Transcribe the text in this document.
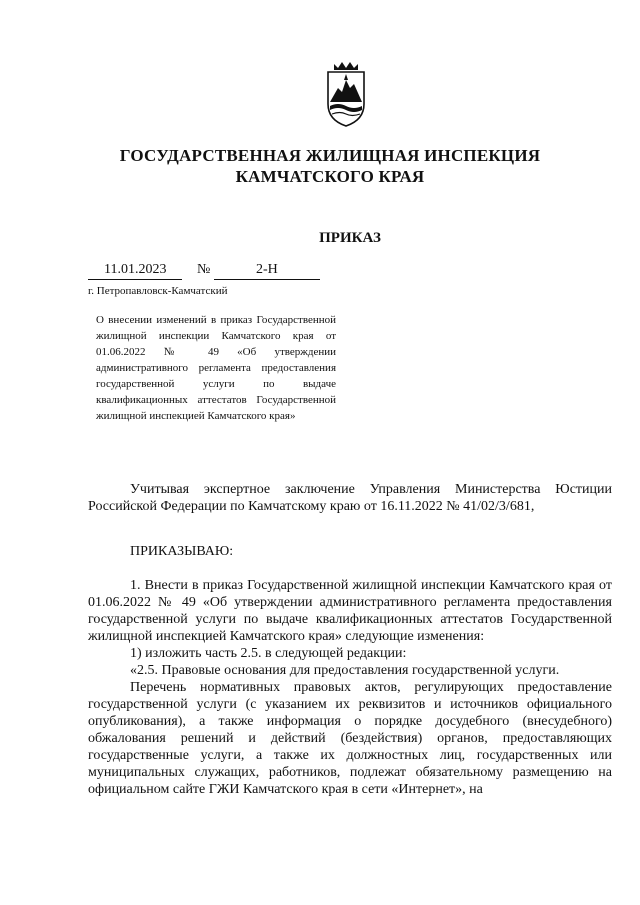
ГОСУДАРСТВЕННАЯ ЖИЛИЩНАЯ ИНСПЕКЦИЯ
КАМЧАТСКОГО КРАЯ
ПРИКАЗ
11.01.2023 №	2-Н
г. Петропавловск-Камчатский
О внесении изменений в приказ Государственной жилищной инспекции Камчатского края от 01.06.2022 № 49 «Об утверждении административного регламента предоставления государственной услуги по выдаче квалификационных аттестатов Государственной жилищной инспекцией Камчатского края»

Учитывая экспертное заключение Управления Министерства Юстиции Российской Федерации по Камчатскому краю от 16.11.2022 № 41/02/3/681,

ПРИКАЗЫВАЮ:

1. Внести в приказ Государственной жилищной инспекции Камчатского края от 01.06.2022 № 49 «Об утверждении административного регламента предоставления государственной услуги по выдаче квалификационных аттестатов Государственной жилищной инспекцией Камчатского края» следующие изменения:

1) изложить часть 2.5. в следующей редакции:

«2.5. Правовые основания для предоставления государственной услуги.

Перечень нормативных правовых актов, регулирующих предоставление государственной услуги (с указанием их реквизитов и источников официального опубликования), а также информация о порядке досудебного (внесудебного) обжалования решений и действий (бездействия) органов, предоставляющих государственные услуги, а также их должностных лиц, государственных или муниципальных служащих, работников, подлежат обязательному размещению на официальном сайте ГЖИ Камчатского края в сети «Интернет», на
